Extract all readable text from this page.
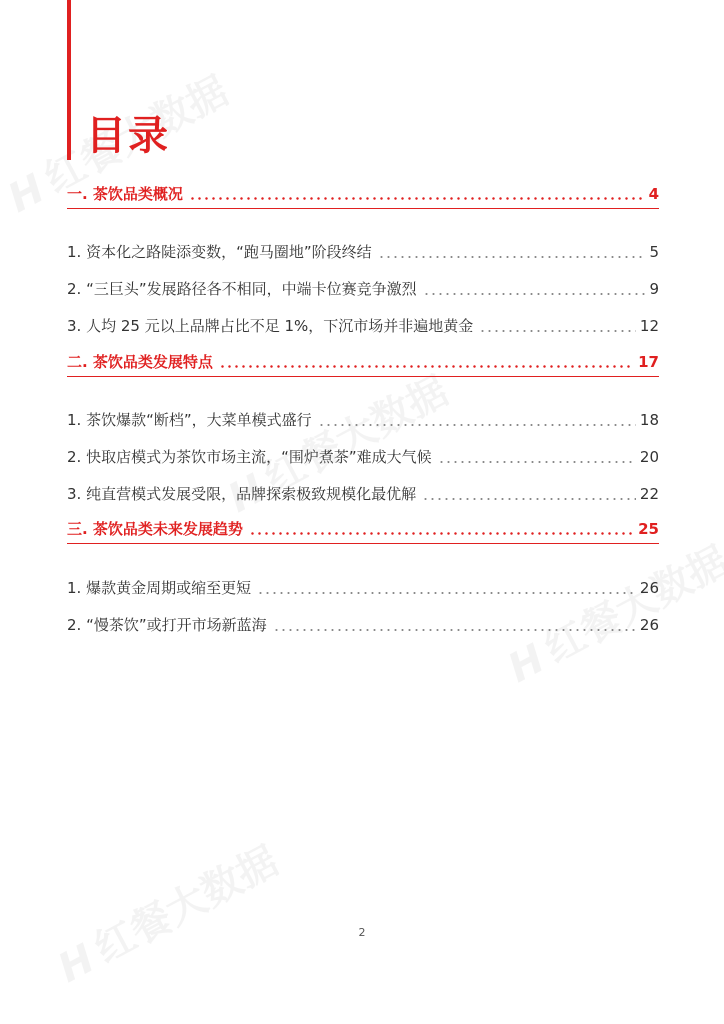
目录
一. 茶饮品类概况	4
1. 资本化之路陡添变数，“跑马圈地”阶段终结	5
2. “三巨头”发展路径各不相同，中端卡位赛竞争激烈	9
3. 人均 25 元以上品牌占比不足 1%，下沉市场并非遍地黄金	12
二. 茶饮品类发展特点	17
1. 茶饮爆款“断档”，大菜单模式盛行	18
2. 快取店模式为茶饮市场主流，“围炉煮茶”难成大气候	20
3. 纯直营模式发展受限，品牌探索极致规模化最优解	22
三. 茶饮品类未来发展趋势	25
1. 爆款黄金周期或缩至更短	26
2. “慢茶饮”或打开市场新蓝海	26
2
